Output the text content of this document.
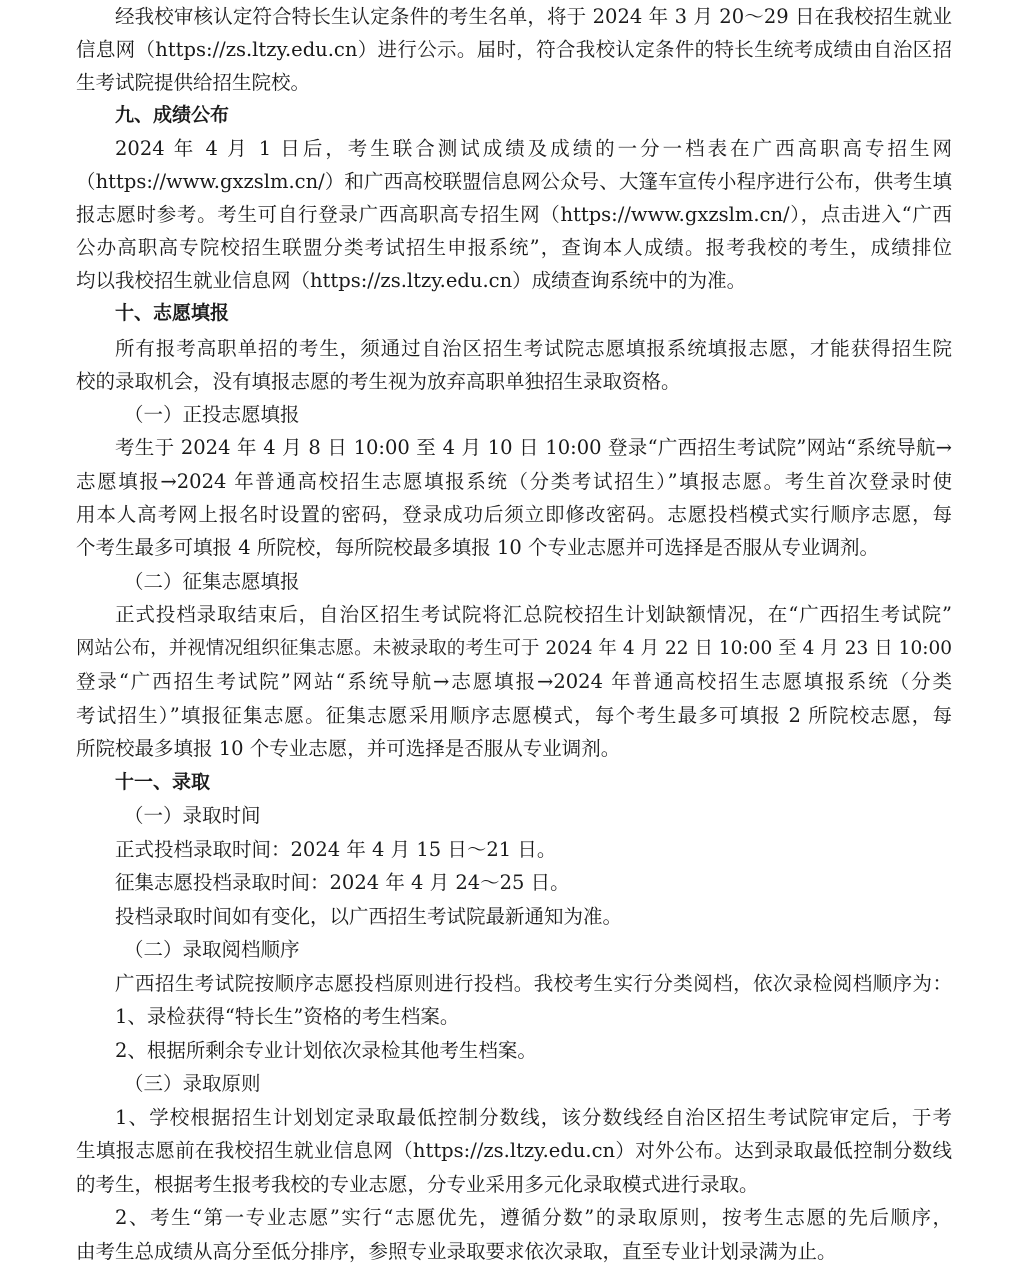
经我校审核认定符合特长生认定条件的考生名单，将于 2024 年 3 月 20～29 日在我校招生就业
信息网（https://zs.ltzy.edu.cn）进行公示。届时，符合我校认定条件的特长生统考成绩由自治区招
生考试院提供给招生院校。
九、成绩公布
2024 年 4 月 1 日后，考生联合测试成绩及成绩的一分一档表在广西高职高专招生网
（https://www.gxzslm.cn/）和广西高校联盟信息网公众号、大篷车宣传小程序进行公布，供考生填
报志愿时参考。考生可自行登录广西高职高专招生网（https://www.gxzslm.cn/），点击进入“广西
公办高职高专院校招生联盟分类考试招生申报系统”，查询本人成绩。报考我校的考生，成绩排位
均以我校招生就业信息网（https://zs.ltzy.edu.cn）成绩查询系统中的为准。
十、志愿填报
所有报考高职单招的考生，须通过自治区招生考试院志愿填报系统填报志愿，才能获得招生院
校的录取机会，没有填报志愿的考生视为放弃高职单独招生录取资格。
（一）正投志愿填报
考生于 2024 年 4 月 8 日 10:00 至 4 月 10 日 10:00 登录“广西招生考试院”网站“系统导航→
志愿填报→2024 年普通高校招生志愿填报系统（分类考试招生）”填报志愿。考生首次登录时使
用本人高考网上报名时设置的密码，登录成功后须立即修改密码。志愿投档模式实行顺序志愿，每
个考生最多可填报 4 所院校，每所院校最多填报 10 个专业志愿并可选择是否服从专业调剂。
（二）征集志愿填报
正式投档录取结束后，自治区招生考试院将汇总院校招生计划缺额情况，在“广西招生考试院”
网站公布，并视情况组织征集志愿。未被录取的考生可于 2024 年 4 月 22 日 10:00 至 4 月 23 日 10:00
登录“广西招生考试院”网站“系统导航→志愿填报→2024 年普通高校招生志愿填报系统（分类
考试招生）”填报征集志愿。征集志愿采用顺序志愿模式，每个考生最多可填报 2 所院校志愿，每
所院校最多填报 10 个专业志愿，并可选择是否服从专业调剂。
十一、录取
（一）录取时间
正式投档录取时间：2024 年 4 月 15 日～21 日。
征集志愿投档录取时间：2024 年 4 月 24～25 日。
投档录取时间如有变化，以广西招生考试院最新通知为准。
（二）录取阅档顺序
广西招生考试院按顺序志愿投档原则进行投档。我校考生实行分类阅档，依次录检阅档顺序为：
1、录检获得“特长生”资格的考生档案。
2、根据所剩余专业计划依次录检其他考生档案。
（三）录取原则
1、学校根据招生计划划定录取最低控制分数线，该分数线经自治区招生考试院审定后，于考
生填报志愿前在我校招生就业信息网（https://zs.ltzy.edu.cn）对外公布。达到录取最低控制分数线
的考生，根据考生报考我校的专业志愿，分专业采用多元化录取模式进行录取。
2、考生“第一专业志愿”实行“志愿优先，遵循分数”的录取原则，按考生志愿的先后顺序，
由考生总成绩从高分至低分排序，参照专业录取要求依次录取，直至专业计划录满为止。
